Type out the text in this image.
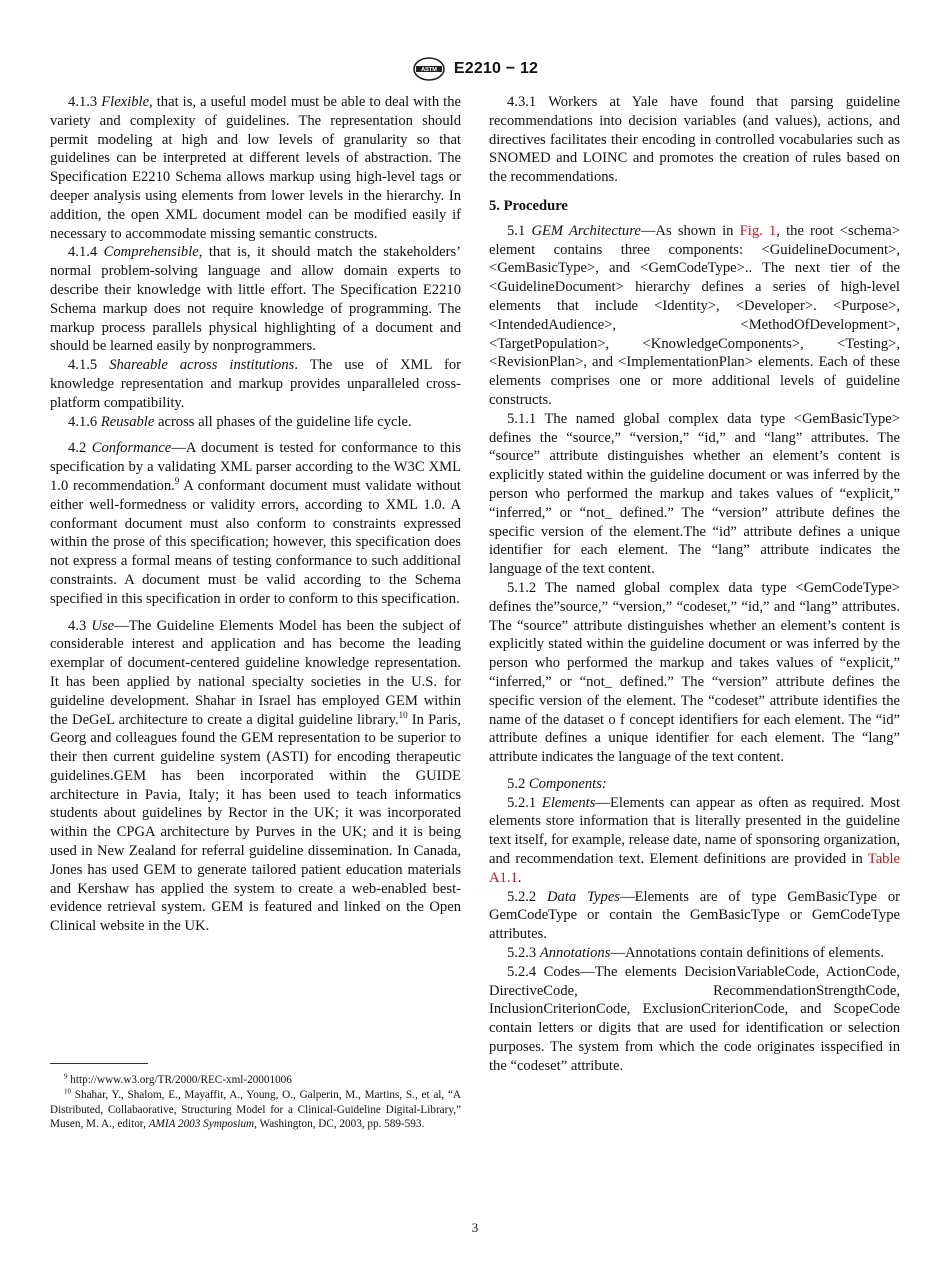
ASTM E2210 − 12

4.1.3 Flexible, that is, a useful model must be able to deal with the variety and complexity of guidelines. The representation should permit modeling at high and low levels of granularity so that guidelines can be interpreted at different levels of abstraction. The Specification E2210 Schema allows markup using high-level tags or deeper analysis using elements from lower levels in the hierarchy. In addition, the open XML document model can be modified easily if necessary to accommodate missing semantic constructs.

4.1.4 Comprehensible, that is, it should match the stakeholders’ normal problem-solving language and allow domain experts to describe their knowledge with little effort. The Specification E2210 Schema markup does not require knowledge of programming. The markup process parallels physical highlighting of a document and should be learned easily by nonprogrammers.

4.1.5 Shareable across institutions. The use of XML for knowledge representation and markup provides unparalleled cross-platform compatibility.

4.1.6 Reusable across all phases of the guideline life cycle.

4.2 Conformance—A document is tested for conformance to this specification by a validating XML parser according to the W3C XML 1.0 recommendation.$^9$ A conformant document must validate without either well-formedness or validity errors, according to XML 1.0. A conformant document must also conform to constraints expressed within the prose of this specification; however, this specification does not express a formal means of testing conformance to such additional constraints. A document must be valid according to the Schema specified in this specification in order to conform to this specification.

4.3 Use—The Guideline Elements Model has been the subject of considerable interest and application and has become the leading exemplar of document-centered guideline knowledge representation. It has been applied by national specialty societies in the U.S. for guideline development. Shahar in Israel has employed GEM within the DeGeL architecture to create a digital guideline library.$^{10}$ In Paris, Georg and colleagues found the GEM representation to be superior to their then current guideline system (ASTI) for encoding therapeutic guidelines.GEM has been incorporated within the GUIDE architecture in Pavia, Italy; it has been used to teach informatics students about guidelines by Rector in the UK; it was incorporated within the CPGA architecture by Purves in the UK; and it is being used in New Zealand for referral guideline dissemination. In Canada, Jones has used GEM to generate tailored patient education materials and Kershaw has applied the system to create a web-enabled best-evidence retrieval system. GEM is featured and linked on the Open Clinical website in the UK.

$^9$ http://www.w3.org/TR/2000/REC-xml-20001006

$^{10}$ Shahar, Y., Shalom, E., Mayaffit, A., Young, O., Galperin, M., Martins, S., et al, “A Distributed, Collabaorative, Structuring Model for a Clinical-Guideline Digital-Library,” Musen, M. A., editor, AMIA 2003 Symposium, Washington, DC, 2003, pp. 589-593.

4.3.1 Workers at Yale have found that parsing guideline recommendations into decision variables (and values), actions, and directives facilitates their encoding in controlled vocabularies such as SNOMED and LOINC and promotes the creation of rules based on the recommendations.

5. Procedure

5.1 GEM Architecture—As shown in Fig. 1, the root <schema> element contains three components: <GuidelineDocument>, <GemBasicType>, and <GemCodeType>.. The next tier of the <GuidelineDocument> hierarchy defines a series of high-level elements that include <Identity>, <Developer>. <Purpose>, <IntendedAudience>, <MethodOfDevelopment>, <TargetPopulation>, <KnowledgeComponents>, <Testing>, <RevisionPlan>, and <ImplementationPlan> elements. Each of these elements comprises one or more additional levels of guideline constructs.

5.1.1 The named global complex data type <GemBasicType> defines the “source,” “version,” “id,” and “lang” attributes. The “source” attribute distinguishes whether an element’s content is explicitly stated within the guideline document or was inferred by the person who performed the markup and takes values of “explicit,” “inferred,” or “not_ defined.” The “version” attribute defines the specific version of the element.The “id” attribute defines a unique identifier for each element. The “lang” attribute indicates the language of the text content.

5.1.2 The named global complex data type <GemCodeType> defines the”source,” “version,” “codeset,” “id,” and “lang” attributes. The “source” attribute distinguishes whether an element’s content is explicitly stated within the guideline document or was inferred by the person who performed the markup and takes values of “explicit,” “inferred,” or “not_ defined.” The “version” attribute defines the specific version of the element. The “codeset” attribute identifies the name of the dataset o f concept identifiers for each element. The “id” attribute defines a unique identifier for each element. The “lang” attribute indicates the language of the text content.

5.2 Components:

5.2.1 Elements—Elements can appear as often as required. Most elements store information that is literally presented in the guideline text itself, for example, release date, name of sponsoring organization, and recommendation text. Element definitions are provided in Table A1.1.

5.2.2 Data Types—Elements are of type GemBasicType or GemCodeType or contain the GemBasicType or GemCodeType attributes.

5.2.3 Annotations—Annotations contain definitions of elements.

5.2.4 Codes—The elements DecisionVariableCode, ActionCode, DirectiveCode, RecommendationStrengthCode, InclusionCriterionCode, ExclusionCriterionCode, and ScopeCode contain letters or digits that are used for identification or selection purposes. The system from which the code originates isspecified in the “codeset” attribute.

3
